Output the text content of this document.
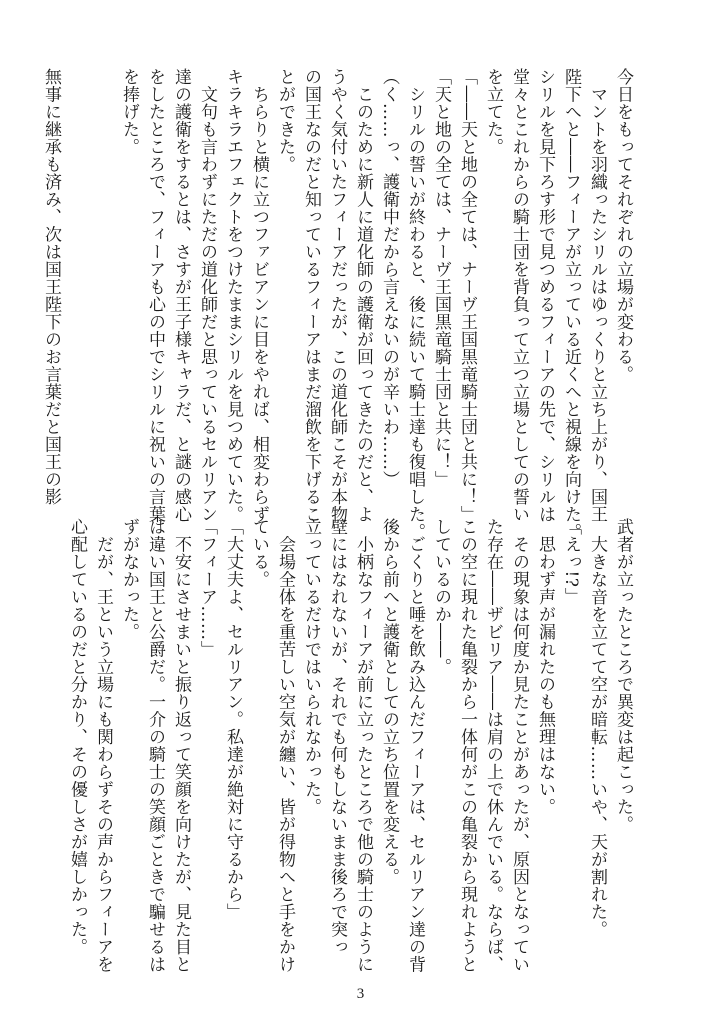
今日をもってそれぞれの立場が変わる。
　マントを羽織ったシリルはゆっくりと立ち上がり、国王
陛下へと――フィーアが立っている近くへと視線を向けた。
シリルを見下ろす形で見つめるフィーアの先で、シリルは
堂々とこれからの騎士団を背負って立つ立場としての誓い
を立てた。
「――天と地の全ては、ナーヴ王国黒竜騎士団と共に！」
「天と地の全ては、ナーヴ王国黒竜騎士団と共に！」
　シリルの誓いが終わると、後に続いて騎士達も復唱した。
（く……っ、護衛中だから言えないのが辛いわ……）
　このために新人に道化師の護衛が回ってきたのだと、よ
うやく気付いたフィーアだったが、この道化師こそが本物
の国王なのだと知っているフィーアはまだ溜飲を下げるこ
とができた。
　ちらりと横に立つファビアンに目をやれば、相変わらず
キラキラエフェクトをつけたままシリルを見つめていた。
　文句も言わずにただの道化師だと思っているセルリアン
達の護衛をするとは、さすが王子様キャラだ、と謎の感心
をしたところで、フィーアも心の中でシリルに祝いの言葉
を捧げた。

無事に継承も済み、次は国王陛下のお言葉だと国王の影
武者が立ったところで異変は起こった。
　大きな音を立てて空が暗転……いや、天が割れた。
「えっ!?」
　思わず声が漏れたのも無理はない。
　その現象は何度か見たことがあったが、原因となってい
た存在――ザビリア――は肩の上で休んでいる。ならば、
この空に現れた亀裂から一体何がこの亀裂から現れようと
しているのか――。
　ごくりと唾を飲み込んだフィーアは、セルリアン達の背
後から前へと護衛としての立ち位置を変える。
　小柄なフィーアが前に立ったところで他の騎士のように
壁にはなれないが、それでも何もしないまま後ろで突っ
立っているだけではいられなかった。
　会場全体を重苦しい空気が纏い、皆が得物へと手をかけ
ている。
「大丈夫よ、セルリアン。私達が絶対に守るから」
「フィーア……」
　不安にさせまいと振り返って笑顔を向けたが、見た目と
は違い国王と公爵だ。一介の騎士の笑顔ごときで騙せるは
ずがなかった。
　だが、王という立場にも関わらずその声からフィーアを
心配しているのだと分かり、その優しさが嬉しかった。
3
